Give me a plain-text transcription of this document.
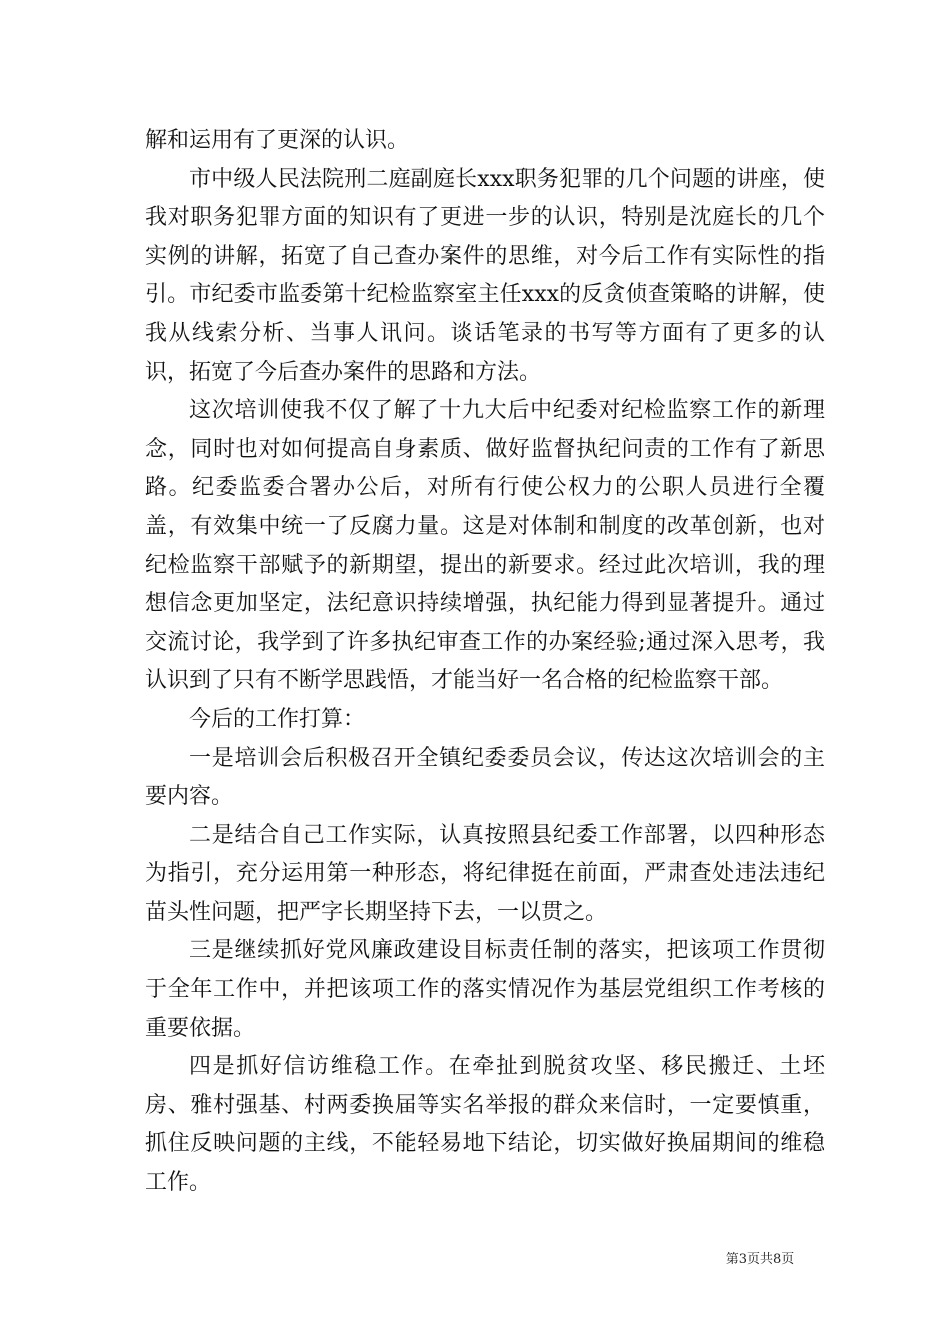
解和运用有了更深的认识。

市中级人民法院刑二庭副庭长xxx职务犯罪的几个问题的讲座，使我对职务犯罪方面的知识有了更进一步的认识，特别是沈庭长的几个实例的讲解，拓宽了自己查办案件的思维，对今后工作有实际性的指引。市纪委市监委第十纪检监察室主任xxx的反贪侦查策略的讲解，使我从线索分析、当事人讯问。谈话笔录的书写等方面有了更多的认识，拓宽了今后查办案件的思路和方法。

这次培训使我不仅了解了十九大后中纪委对纪检监察工作的新理念，同时也对如何提高自身素质、做好监督执纪问责的工作有了新思路。纪委监委合署办公后，对所有行使公权力的公职人员进行全覆盖，有效集中统一了反腐力量。这是对体制和制度的改革创新，也对纪检监察干部赋予的新期望，提出的新要求。经过此次培训，我的理想信念更加坚定，法纪意识持续增强，执纪能力得到显著提升。通过交流讨论，我学到了许多执纪审查工作的办案经验;通过深入思考，我认识到了只有不断学思践悟，才能当好一名合格的纪检监察干部。

今后的工作打算：

一是培训会后积极召开全镇纪委委员会议，传达这次培训会的主要内容。

二是结合自己工作实际，认真按照县纪委工作部署，以四种形态为指引，充分运用第一种形态，将纪律挺在前面，严肃查处违法违纪苗头性问题，把严字长期坚持下去，一以贯之。

三是继续抓好党风廉政建设目标责任制的落实，把该项工作贯彻于全年工作中，并把该项工作的落实情况作为基层党组织工作考核的重要依据。

四是抓好信访维稳工作。在牵扯到脱贫攻坚、移民搬迁、土坯房、雅村强基、村两委换届等实名举报的群众来信时，一定要慎重，抓住反映问题的主线，不能轻易地下结论，切实做好换届期间的维稳工作。

第3页共8页
